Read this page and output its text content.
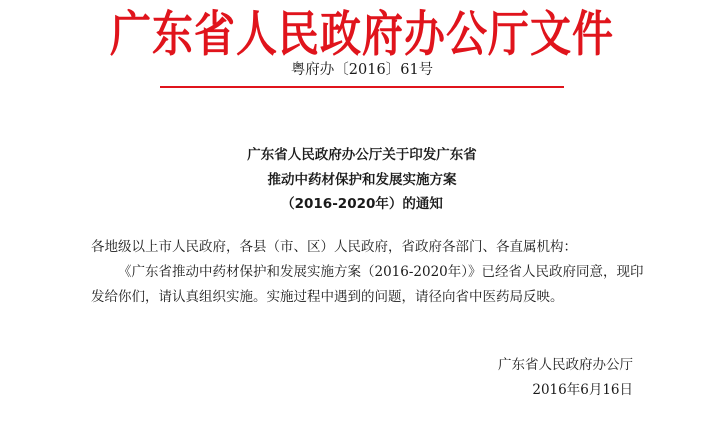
广东省人民政府办公厅文件
粤府办〔2016〕61号
广东省人民政府办公厅关于印发广东省
推动中药材保护和发展实施方案
（2016-2020年）的通知

各地级以上市人民政府，各县（市、区）人民政府，省政府各部门、各直属机构：

《广东省推动中药材保护和发展实施方案（2016-2020年）》已经省人民政府同意，现印发给你们，请认真组织实施。实施过程中遇到的问题，请径向省中医药局反映。

广东省人民政府办公厅
2016年6月16日
